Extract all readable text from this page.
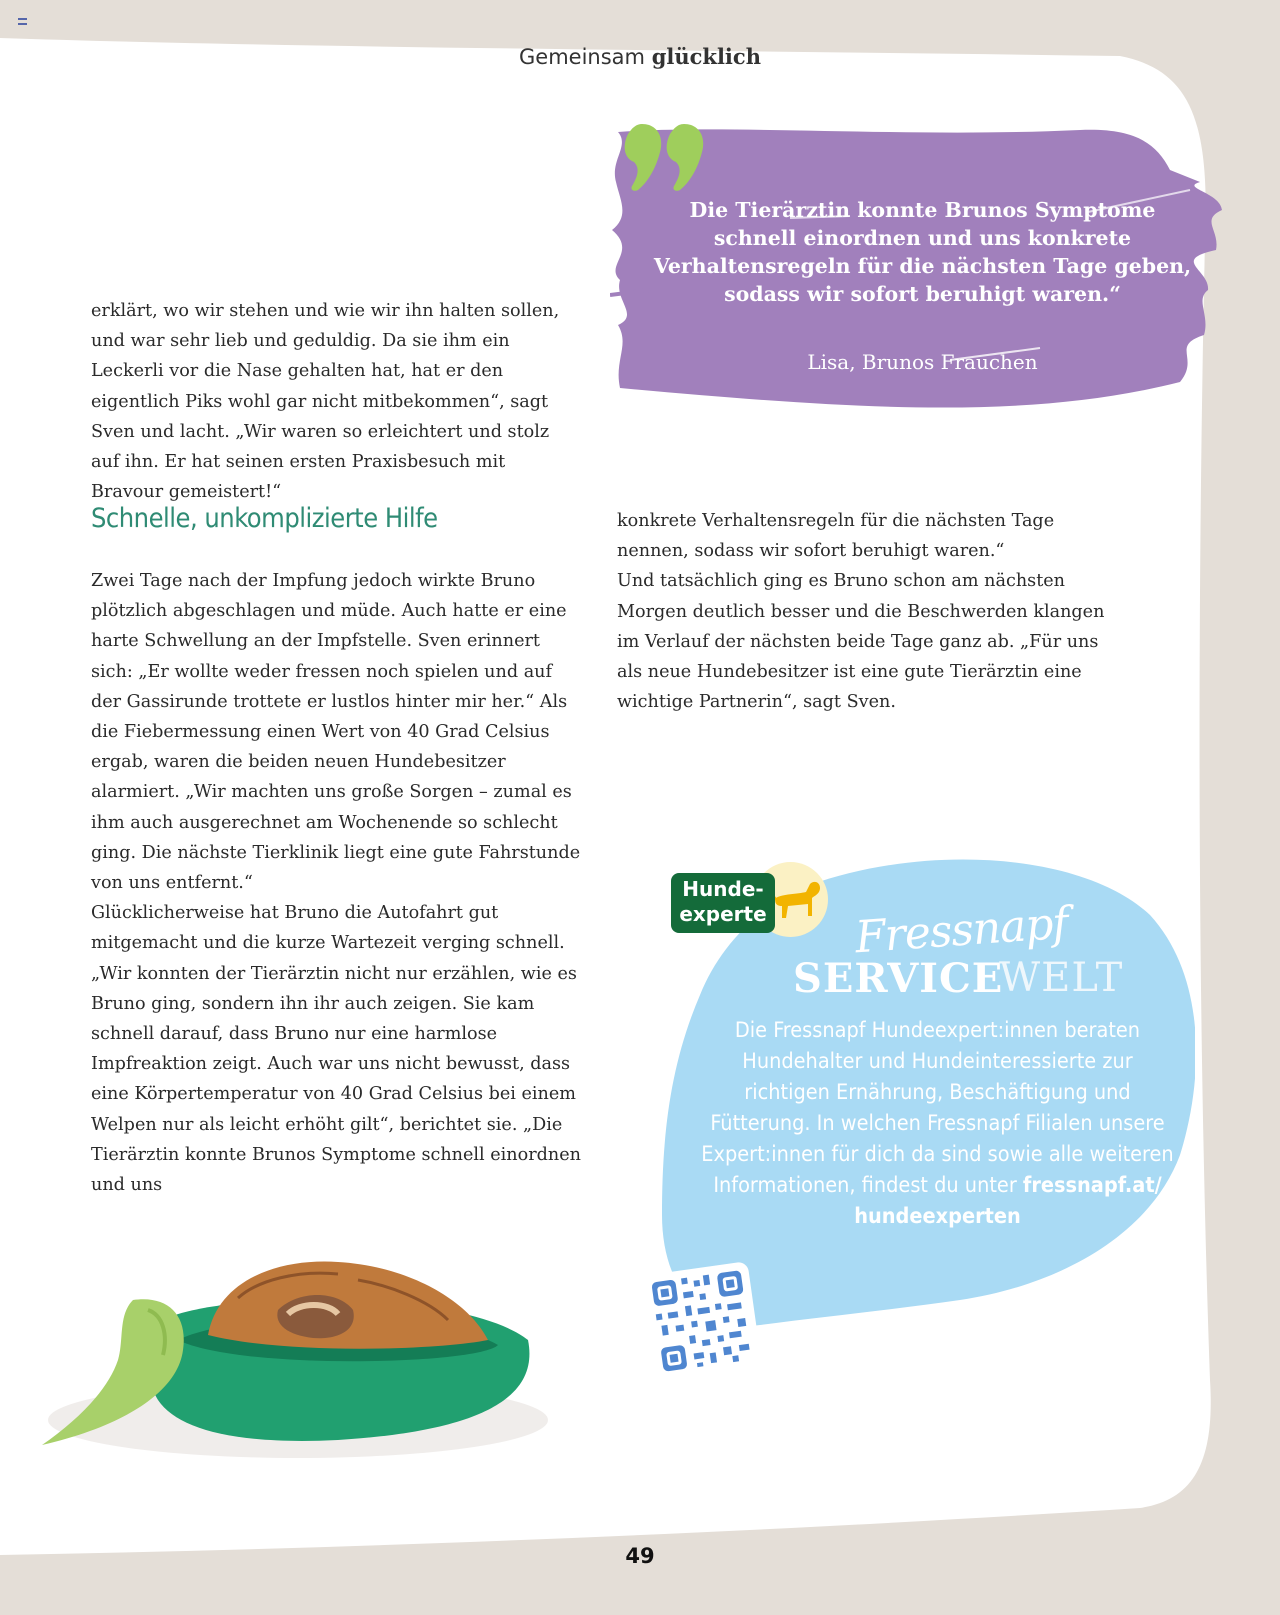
Gemeinsam glücklich
Die Tierärztin konnte Brunos Symptome schnell einordnen und uns konkrete Verhaltensregeln für die nächsten Tage geben, sodass wir sofort beruhigt waren.“
Lisa, Brunos Frauchen

erklärt, wo wir stehen und wie wir ihn halten sollen, und war sehr lieb und geduldig. Da sie ihm ein Leckerli vor die Nase gehalten hat, hat er den eigentlich Piks wohl gar nicht mitbekommen“, sagt Sven und lacht. „Wir waren so erleichtert und stolz auf ihn. Er hat seinen ersten Praxisbesuch mit Bravour gemeistert!“

Schnelle, unkomplizierte Hilfe

Zwei Tage nach der Impfung jedoch wirkte Bruno plötzlich abgeschlagen und müde. Auch hatte er eine harte Schwellung an der Impfstelle. Sven erinnert sich: „Er wollte weder fressen noch spielen und auf der Gassirunde trottete er lustlos hinter mir her.“ Als die Fiebermessung einen Wert von 40 Grad Celsius ergab, waren die beiden neuen Hundebesitzer alarmiert. „Wir machten uns große Sorgen – zumal es ihm auch ausgerechnet am Wochenende so schlecht ging. Die nächste Tierklinik liegt eine gute Fahrstunde von uns entfernt.“

Glücklicherweise hat Bruno die Autofahrt gut mitgemacht und die kurze Wartezeit verging schnell. „Wir konnten der Tierärztin nicht nur erzählen, wie es Bruno ging, sondern ihn ihr auch zeigen. Sie kam schnell darauf, dass Bruno nur eine harmlose Impfreaktion zeigt. Auch war uns nicht bewusst, dass eine Körpertemperatur von 40 Grad Celsius bei einem Welpen nur als leicht erhöht gilt“, berichtet sie. „Die Tierärztin konnte Brunos Symptome schnell einordnen und uns

konkrete Verhaltensregeln für die nächsten Tage nennen, sodass wir sofort beruhigt waren.“

Und tatsächlich ging es Bruno schon am nächsten Morgen deutlich besser und die Beschwerden klangen im Verlauf der nächsten beide Tage ganz ab. „Für uns als neue Hundebesitzer ist eine gute Tierärztin eine wichtige Partnerin“, sagt Sven.

Hunde-
experte Fressnapf
SERVICE
WELT
Die Fressnapf Hundeexpert:innen beraten Hundehalter und Hundeinteressierte zur richtigen Ernährung, Beschäftigung und Fütterung. In welchen Fressnapf Filialen unsere Expert:innen für dich da sind sowie alle weiteren Informationen, findest du unter fressnapf.at/ hundeexperten
49
